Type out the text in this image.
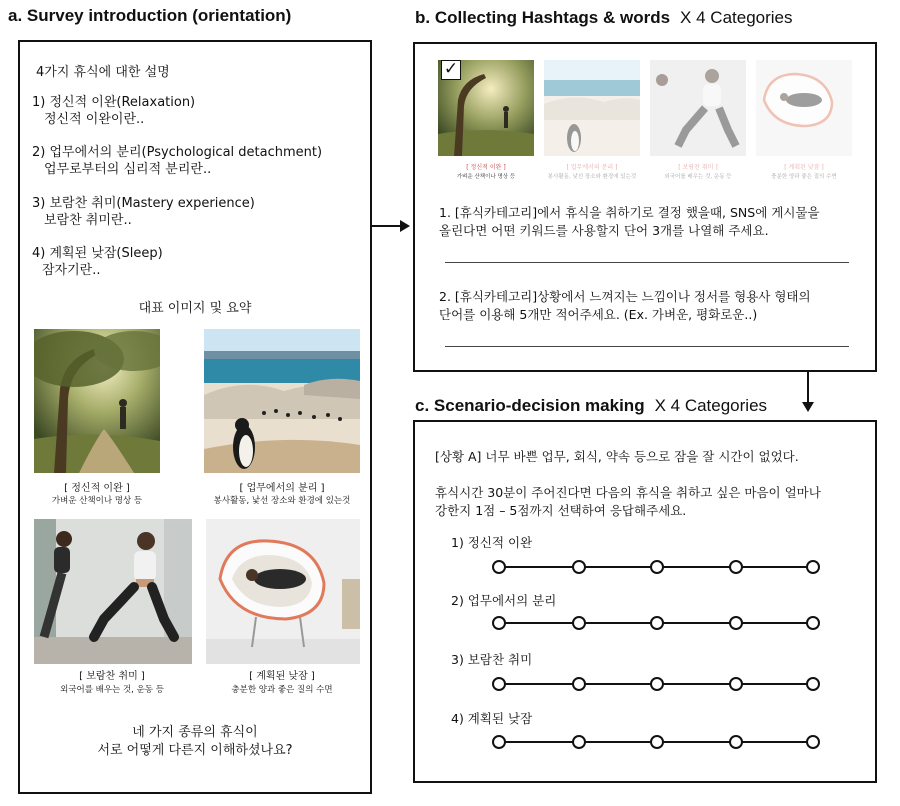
a. Survey introduction (orientation)	b. Collecting Hashtags & words X 4 Categories
c. Scenario-decision making X 4 Categories
4가지 휴식에 대한 설명
1) 정신적 이완(Relaxation)
정신적 이완이란..
2) 업무에서의 분리(Psychological detachment)
업무로부터의 심리적 분리란..
3) 보람찬 취미(Mastery experience)
보람찬 취미란..
4) 계획된 낮잠(Sleep)
잠자기란..
대표 이미지 및 요약
[ 정신적 이완 ]
가벼운 산책이나 명상 등
[ 업무에서의 분리 ]
봉사활동, 낯선 장소와 환경에 있는것
[ 보람찬 취미 ]
외국어를 배우는 것, 운동 등
[ 계획된 낮잠 ]
충분한 양과 좋은 질의 수면
네 가지 종류의 휴식이
서로 어떻게 다른지 이해하셨나요?
✓
[ 정신적 이완 ]
가벼운 산책이나 명상 등
[ 업무에서의 분리 ]
봉사활동, 낯선 장소와 환경에 있는것
[ 보람찬 취미 ]
외국어를 배우는 것, 운동 등
[ 계획된 낮잠 ]
충분한 양과 좋은 질의 수면
1. [휴식카테고리]에서 휴식을 취하기로 결정 했을때, SNS에 게시물을
올린다면 어떤 키워드를 사용할지 단어 3개를 나열해 주세요.
2. [휴식카테고리]상황에서 느껴지는 느낌이나 정서를 형용사 형태의
단어를 이용해 5개만 적어주세요. (Ex. 가벼운, 평화로운..)
[상황 A] 너무 바쁜 업무, 회식, 약속 등으로 잠을 잘 시간이 없었다.
휴식시간 30분이 주어진다면 다음의 휴식을 취하고 싶은 마음이 얼마나
강한지 1점 – 5점까지 선택하여 응답해주세요.
1) 정신적 이완
2) 업무에서의 분리
3) 보람찬 취미
4) 계획된 낮잠
